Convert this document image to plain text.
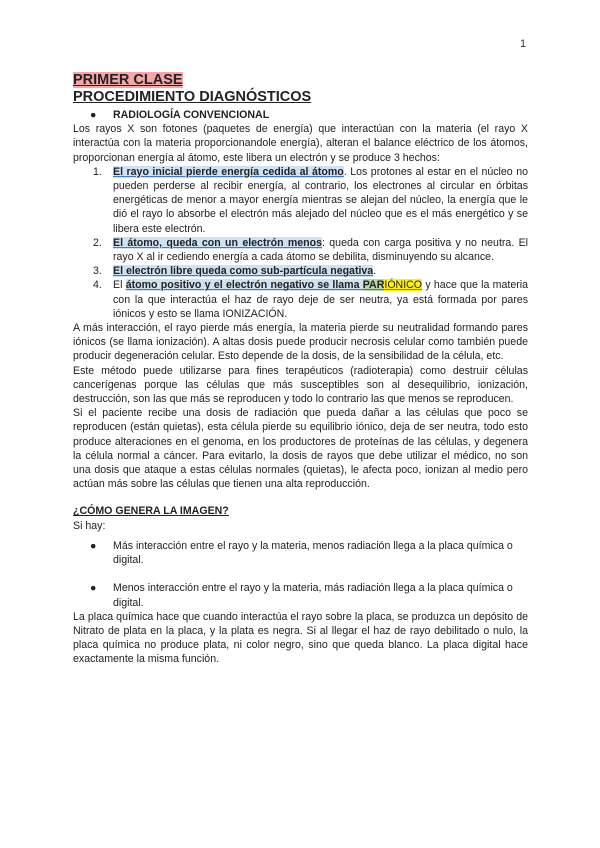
1
PRIMER CLASE
PROCEDIMIENTO DIAGNÓSTICOS
●	RADIOLOGÍA CONVENCIONAL

Los rayos X son fotones (paquetes de energía) que interactúan con la materia (el rayo X interactúa con la materia proporcionandole energía), alteran el balance eléctrico de los átomos, proporcionan energía al átomo, este libera un electrón y se produce 3 hechos:

1.	El rayo inicial pierde energía cedida al átomo. Los protones al estar en el núcleo no pueden perderse al recibir energía, al contrario, los electrones al circular en órbitas energéticas de menor a mayor energía mientras se alejan del núcleo, la energía que le dió el rayo lo absorbe el electrón más alejado del núcleo que es el más energético y se libera este electrón.
2.	El átomo, queda con un electrón menos: queda con carga positiva y no neutra. El rayo X al ir cediendo energía a cada átomo se debilita, disminuyendo su alcance.
3.	El electrón libre queda como sub-partícula negativa.
4.	El átomo positivo y el electrón negativo se llama PARIÓNICO y hace que la materia con la que interactúa el haz de rayo deje de ser neutra, ya está formada por pares iónicos y esto se llama IONIZACIÓN.

A más interacción, el rayo pierde más energía, la materia pierde su neutralidad formando pares iónicos (se llama ionización). A altas dosis puede producir necrosis celular como también puede producir degeneración celular. Esto depende de la dosis, de la sensibilidad de la célula, etc.

Este método puede utilizarse para fines terapéuticos (radioterapia) como destruir células cancerígenas porque las células que más susceptibles son al desequilibrio, ionización, destrucción, son las que más se reproducen y todo lo contrario las que menos se reproducen.

Si el paciente recibe una dosis de radiación que pueda dañar a las células que poco se reproducen (están quietas), esta célula pierde su equilibrio iónico, deja de ser neutra, todo esto produce alteraciones en el genoma, en los productores de proteínas de las células, y degenera la célula normal a cáncer. Para evitarlo, la dosis de rayos que debe utilizar el médico, no son una dosis que ataque a estas células normales (quietas), le afecta poco, ionizan al medio pero actúan más sobre las células que tienen una alta reproducción.

¿CÓMO GENERA LA IMAGEN?
Si hay:
●	Más interacción entre el rayo y la materia, menos radiación llega a la placa química o digital.
●	Menos interacción entre el rayo y la materia, más radiación llega a la placa química o digital.

La placa química hace que cuando interactúa el rayo sobre la placa, se produzca un depósito de Nitrato de plata en la placa, y la plata es negra. Si al llegar el haz de rayo debilitado o nulo, la placa química no produce plata, ni color negro, sino que queda blanco. La placa digital hace exactamente la misma función.
